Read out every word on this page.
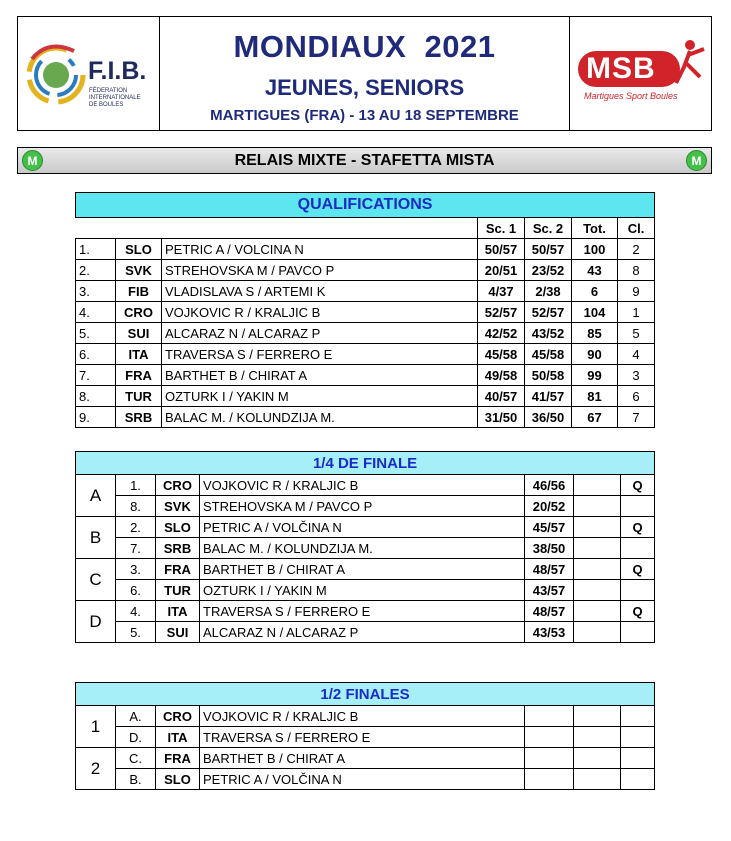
F.I.B.
FÉDERATION
INTERNATIONALE
DE BOULES
MONDIAUX  2021
JEUNES, SENIORS
MARTIGUES (FRA) - 13 AU 18 SEPTEMBRE
MSB
Martigues Sport Boules
M	RELAIS MIXTE - STAFETTA MISTA	M
QUALIFICATIONS						
			Sc. 1	Sc. 2	Tot.	Cl.
1.	SLO	PETRIC A / VOLCINA N	50/57	50/57	100	2
2.	SVK	STREHOVSKA M / PAVCO P	20/51	23/52	43	8
3.	FIB	VLADISLAVA S / ARTEMI K	4/37	2/38	6	9
4.	CRO	VOJKOVIC R / KRALJIC B	52/57	52/57	104	1
5.	SUI	ALCARAZ N / ALCARAZ P	42/52	43/52	85	5
6.	ITA	TRAVERSA S / FERRERO E	45/58	45/58	90	4
7.	FRA	BARTHET B / CHIRAT A	49/58	50/58	99	3
8.	TUR	OZTURK I / YAKIN M	40/57	41/57	81	6
9.	SRB	BALAC M. / KOLUNDZIJA M.	31/50	36/50	67	7
1/4 DE FINALE						
A	1.	CRO	VOJKOVIC R / KRALJIC B	46/56		Q
	8.	SVK	STREHOVSKA M / PAVCO P	20/52		
B	2.	SLO	PETRIC A / VOLČINA N	45/57		Q
	7.	SRB	BALAC M. / KOLUNDZIJA M.	38/50		
C	3.	FRA	BARTHET B / CHIRAT A	48/57		Q
	6.	TUR	OZTURK I / YAKIN M	43/57		
D	4.	ITA	TRAVERSA S / FERRERO E	48/57		Q
	5.	SUI	ALCARAZ N / ALCARAZ P	43/53		
1/2 FINALES						
1	A.	CRO	VOJKOVIC R / KRALJIC B			
	D.	ITA	TRAVERSA S / FERRERO E			
2	C.	FRA	BARTHET B / CHIRAT A			
	B.	SLO	PETRIC A / VOLČINA N			
